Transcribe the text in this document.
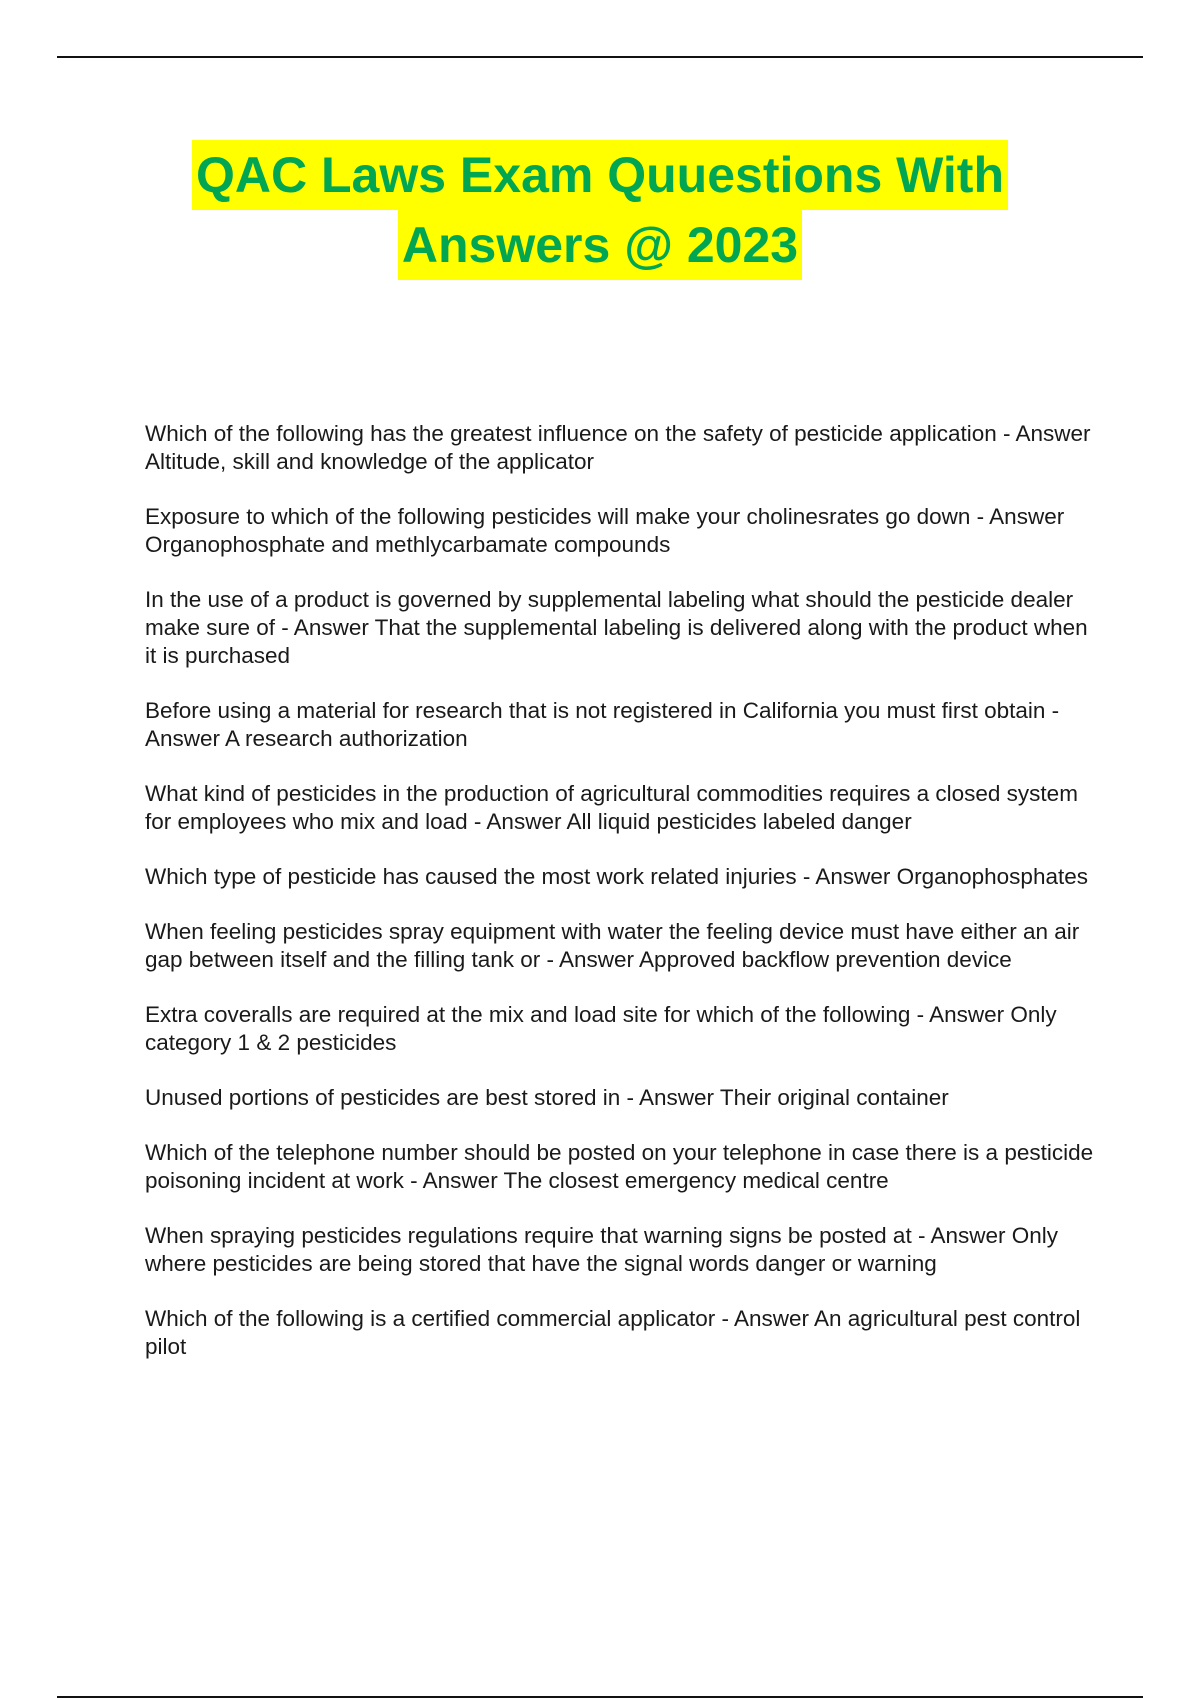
QAC Laws Exam Quuestions With
Answers @ 2023
Which of the following has the greatest influence on the safety of pesticide application - Answer Altitude, skill and knowledge of the applicator
Exposure to which of the following pesticides will make your cholinesrates go down - Answer Organophosphate and methlycarbamate compounds
In the use of a product is governed by supplemental labeling what should the pesticide dealer make sure of - Answer That the supplemental labeling is delivered along with the product when it is purchased
Before using a material for research that is not registered in California you must first obtain - Answer A research authorization
What kind of pesticides in the production of agricultural commodities requires a closed system for employees who mix and load - Answer All liquid pesticides labeled danger
Which type of pesticide has caused the most work related injuries - Answer Organophosphates
When feeling pesticides spray equipment with water the feeling device must have either an air gap between itself and the filling tank or - Answer Approved backflow prevention device
Extra coveralls are required at the mix and load site for which of the following - Answer Only category 1 & 2 pesticides
Unused portions of pesticides are best stored in - Answer Their original container
Which of the telephone number should be posted on your telephone in case there is a pesticide poisoning incident at work - Answer The closest emergency medical centre
When spraying pesticides regulations require that warning signs be posted at - Answer Only where pesticides are being stored that have the signal words danger or warning
Which of the following is a certified commercial applicator - Answer An agricultural pest control pilot
